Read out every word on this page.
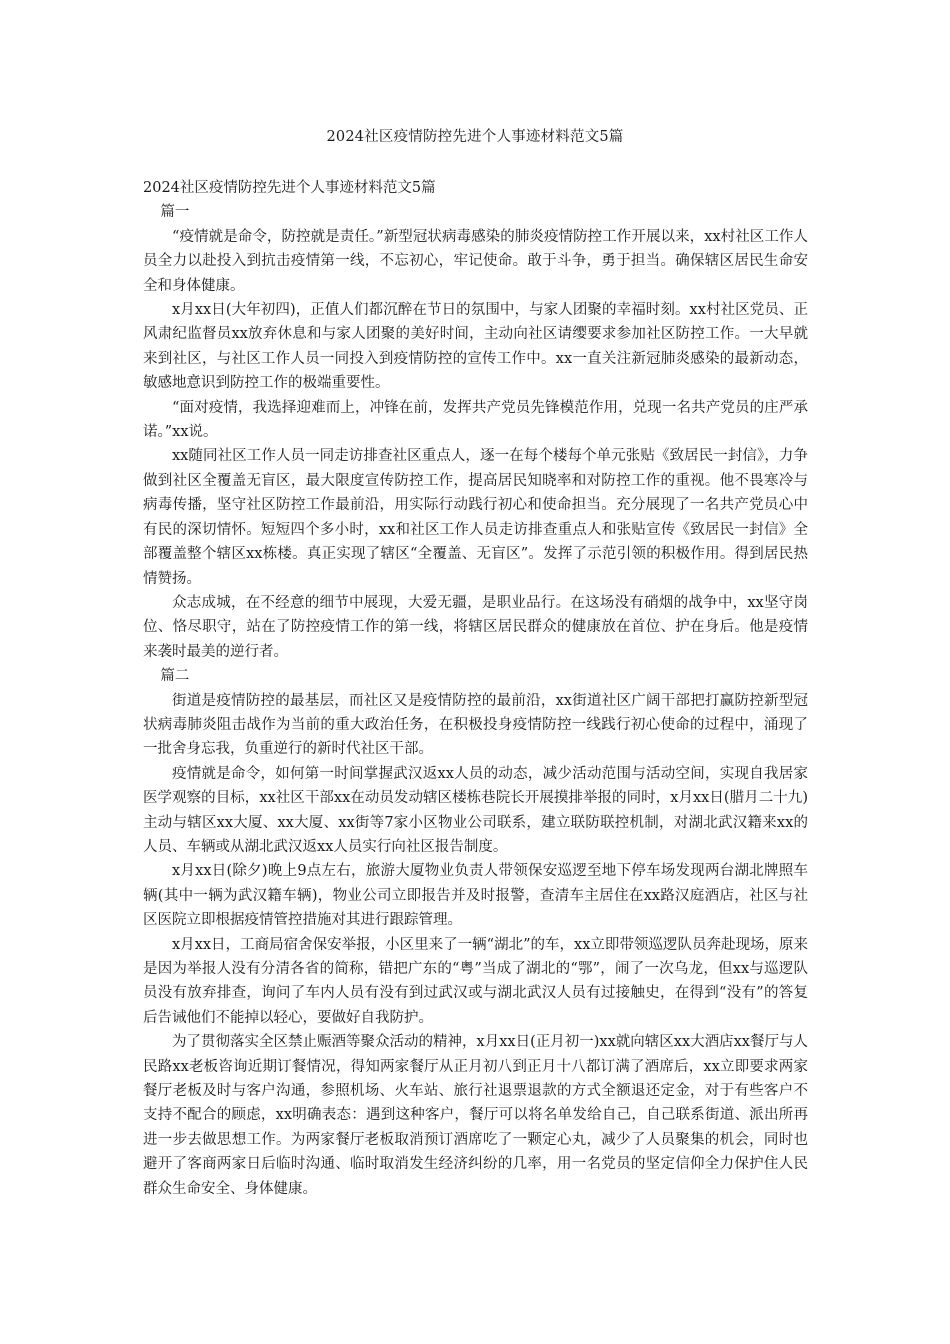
2024社区疫情防控先进个人事迹材料范文5篇

2024社区疫情防控先进个人事迹材料范文5篇

篇一

“疫情就是命令，防控就是责任。”新型冠状病毒感染的肺炎疫情防控工作开展以来，xx村社区工作人员全力以赴投入到抗击疫情第一线，不忘初心，牢记使命。敢于斗争，勇于担当。确保辖区居民生命安全和身体健康。

x月xx日(大年初四)，正值人们都沉醉在节日的氛围中，与家人团聚的幸福时刻。xx村社区党员、正风肃纪监督员xx放弃休息和与家人团聚的美好时间，主动向社区请缨要求参加社区防控工作。一大早就来到社区，与社区工作人员一同投入到疫情防控的宣传工作中。xx一直关注新冠肺炎感染的最新动态，敏感地意识到防控工作的极端重要性。

“面对疫情，我选择迎难而上，冲锋在前，发挥共产党员先锋模范作用，兑现一名共产党员的庄严承诺。”xx说。

xx随同社区工作人员一同走访排查社区重点人，逐一在每个楼每个单元张贴《致居民一封信》，力争做到社区全覆盖无盲区，最大限度宣传防控工作，提高居民知晓率和对防控工作的重视。他不畏寒冷与病毒传播，坚守社区防控工作最前沿，用实际行动践行初心和使命担当。充分展现了一名共产党员心中有民的深切情怀。短短四个多小时，xx和社区工作人员走访排查重点人和张贴宣传《致居民一封信》全部覆盖整个辖区xx栋楼。真正实现了辖区“全覆盖、无盲区”。发挥了示范引领的积极作用。得到居民热情赞扬。

众志成城，在不经意的细节中展现，大爱无疆，是职业品行。在这场没有硝烟的战争中，xx坚守岗位、恪尽职守，站在了防控疫情工作的第一线，将辖区居民群众的健康放在首位、护在身后。他是疫情来袭时最美的逆行者。

篇二

街道是疫情防控的最基层，而社区又是疫情防控的最前沿，xx街道社区广阔干部把打赢防控新型冠状病毒肺炎阻击战作为当前的重大政治任务，在积极投身疫情防控一线践行初心使命的过程中，涌现了一批舍身忘我，负重逆行的新时代社区干部。

疫情就是命令，如何第一时间掌握武汉返xx人员的动态，减少活动范围与活动空间，实现自我居家医学观察的目标，xx社区干部xx在动员发动辖区楼栋巷院长开展摸排举报的同时，x月xx日(腊月二十九)主动与辖区xx大厦、xx大厦、xx街等7家小区物业公司联系，建立联防联控机制，对湖北武汉籍来xx的人员、车辆或从湖北武汉返xx人员实行向社区报告制度。

x月xx日(除夕)晚上9点左右，旅游大厦物业负责人带领保安巡逻至地下停车场发现两台湖北牌照车辆(其中一辆为武汉籍车辆)，物业公司立即报告并及时报警，查清车主居住在xx路汉庭酒店，社区与社区医院立即根据疫情管控措施对其进行跟踪管理。

x月xx日，工商局宿舍保安举报，小区里来了一辆“湖北”的车，xx立即带领巡逻队员奔赴现场，原来是因为举报人没有分清各省的简称，错把广东的“粤”当成了湖北的“鄂”，闹了一次乌龙，但xx与巡逻队员没有放弃排查，询问了车内人员有没有到过武汉或与湖北武汉人员有过接触史，在得到“没有”的答复后告诫他们不能掉以轻心，要做好自我防护。

为了贯彻落实全区禁止赈酒等聚众活动的精神，x月xx日(正月初一)xx就向辖区xx大酒店xx餐厅与人民路xx老板咨询近期订餐情况，得知两家餐厅从正月初八到正月十八都订满了酒席后，xx立即要求两家餐厅老板及时与客户沟通，参照机场、火车站、旅行社退票退款的方式全额退还定金，对于有些客户不支持不配合的顾虑，xx明确表态：遇到这种客户，餐厅可以将名单发给自己，自己联系街道、派出所再进一步去做思想工作。为两家餐厅老板取消预订酒席吃了一颗定心丸，减少了人员聚集的机会，同时也避开了客商两家日后临时沟通、临时取消发生经济纠纷的几率，用一名党员的坚定信仰全力保护住人民群众生命安全、身体健康。
